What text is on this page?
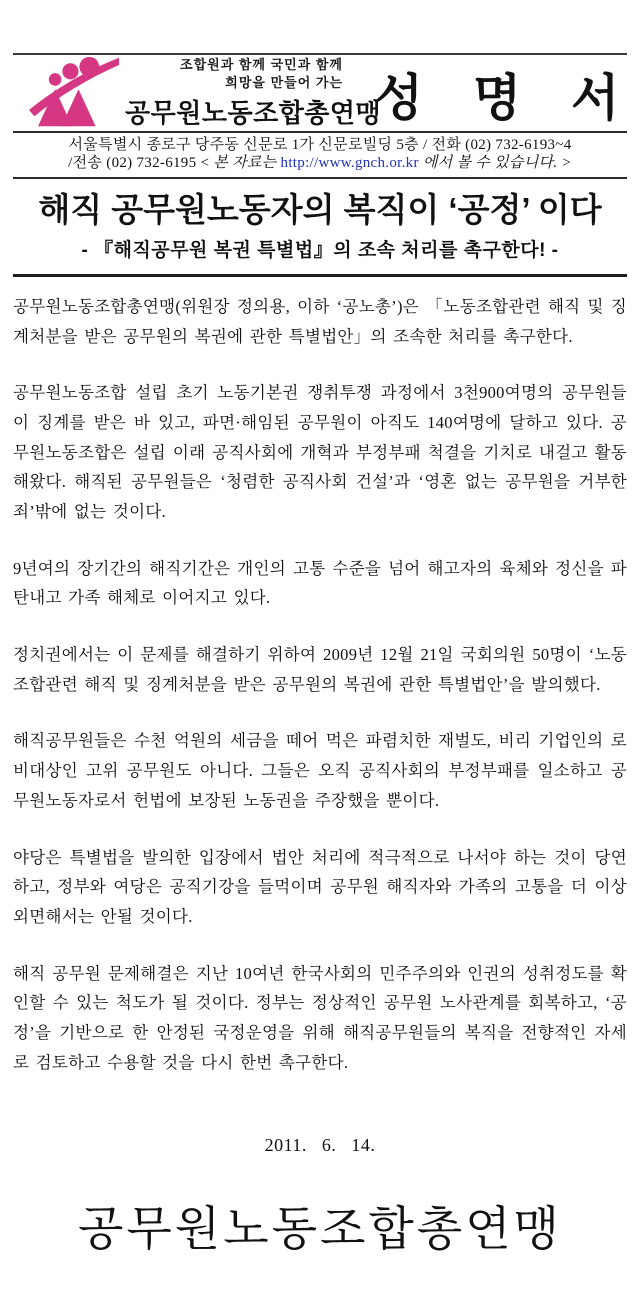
조합원과 함께 국민과 함께
희망을 만들어 가는
공무원노동조합총연맹
성 명 서
서울특별시 종로구 당주동 신문로 1가 신문로빌딩 5층 / 전화 (02) 732-6193~4
/전송 (02) 732-6195 < 본 자료는 http://www.gnch.or.kr 에서 볼 수 있습니다. >
해직 공무원노동자의 복직이 ‘공정’ 이다
- 『해직공무원 복권 특별법』의 조속 처리를 촉구한다! -

공무원노동조합총연맹(위원장 정의용, 이하 ‘공노총’)은 「노동조합관련 해직 및 징계처분을 받은 공무원의 복권에 관한 특별법안」의 조속한 처리를 촉구한다.

공무원노동조합 설립 초기 노동기본권 쟁취투쟁 과정에서 3천900여명의 공무원들이 징계를 받은 바 있고, 파면·해임된 공무원이 아직도 140여명에 달하고 있다. 공무원노동조합은 설립 이래 공직사회에 개혁과 부정부패 척결을 기치로 내걸고 활동해왔다. 해직된 공무원들은 ‘청렴한 공직사회 건설’과 ‘영혼 없는 공무원을 거부한 죄’밖에 없는 것이다.

9년여의 장기간의 해직기간은 개인의 고통 수준을 넘어 해고자의 육체와 정신을 파탄내고 가족 해체로 이어지고 있다.

정치권에서는 이 문제를 해결하기 위하여 2009년 12월 21일 국회의원 50명이 ‘노동조합관련 해직 및 징계처분을 받은 공무원의 복권에 관한 특별법안’을 발의했다.

해직공무원들은 수천 억원의 세금을 떼어 먹은 파렴치한 재벌도, 비리 기업인의 로비대상인 고위 공무원도 아니다. 그들은 오직 공직사회의 부정부패를 일소하고 공무원노동자로서 헌법에 보장된 노동권을 주장했을 뿐이다.

야당은 특별법을 발의한 입장에서 법안 처리에 적극적으로 나서야 하는 것이 당연하고, 정부와 여당은 공직기강을 들먹이며 공무원 해직자와 가족의 고통을 더 이상 외면해서는 안될 것이다.

해직 공무원 문제해결은 지난 10여년 한국사회의 민주주의와 인권의 성취정도를 확인할 수 있는 척도가 될 것이다. 정부는 정상적인 공무원 노사관계를 회복하고, ‘공정’을 기반으로 한 안정된 국정운영을 위해 해직공무원들의 복직을 전향적인 자세로 검토하고 수용할 것을 다시 한번 촉구한다.

2011.   6.   14.
공무원노동조합총연맹
